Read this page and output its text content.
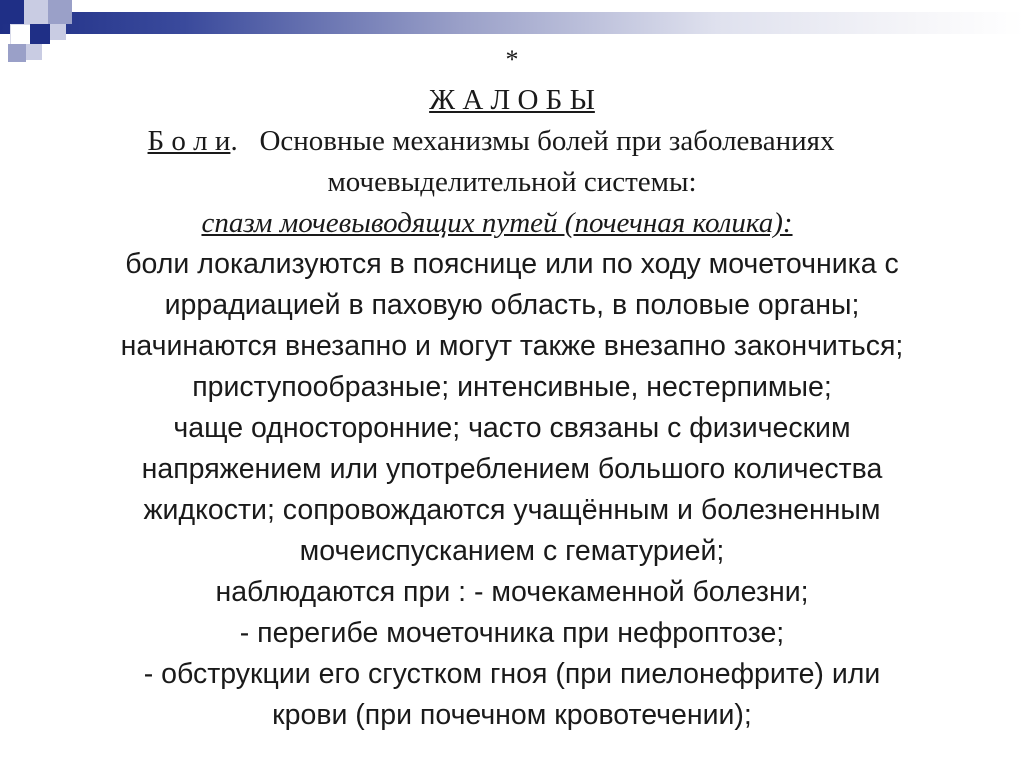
*
Ж А Л О Б Ы
Б о л и. Основные механизмы болей при заболеваниях
мочевыделительной системы:
спазм мочевыводящих путей (почечная колика):
боли локализуются в пояснице или по ходу мочеточника с
иррадиацией в паховую область, в половые органы;
начинаются внезапно и могут также внезапно закончиться;
приступообразные; интенсивные, нестерпимые;
чаще односторонние; часто связаны с физическим
напряжением или употреблением большого количества
жидкости; сопровождаются учащённым и болезненным
мочеиспусканием с гематурией;
наблюдаются при : - мочекаменной болезни;
- перегибе мочеточника при нефроптозе;
- обструкции его сгустком гноя (при пиелонефрите) или
крови (при почечном кровотечении);
